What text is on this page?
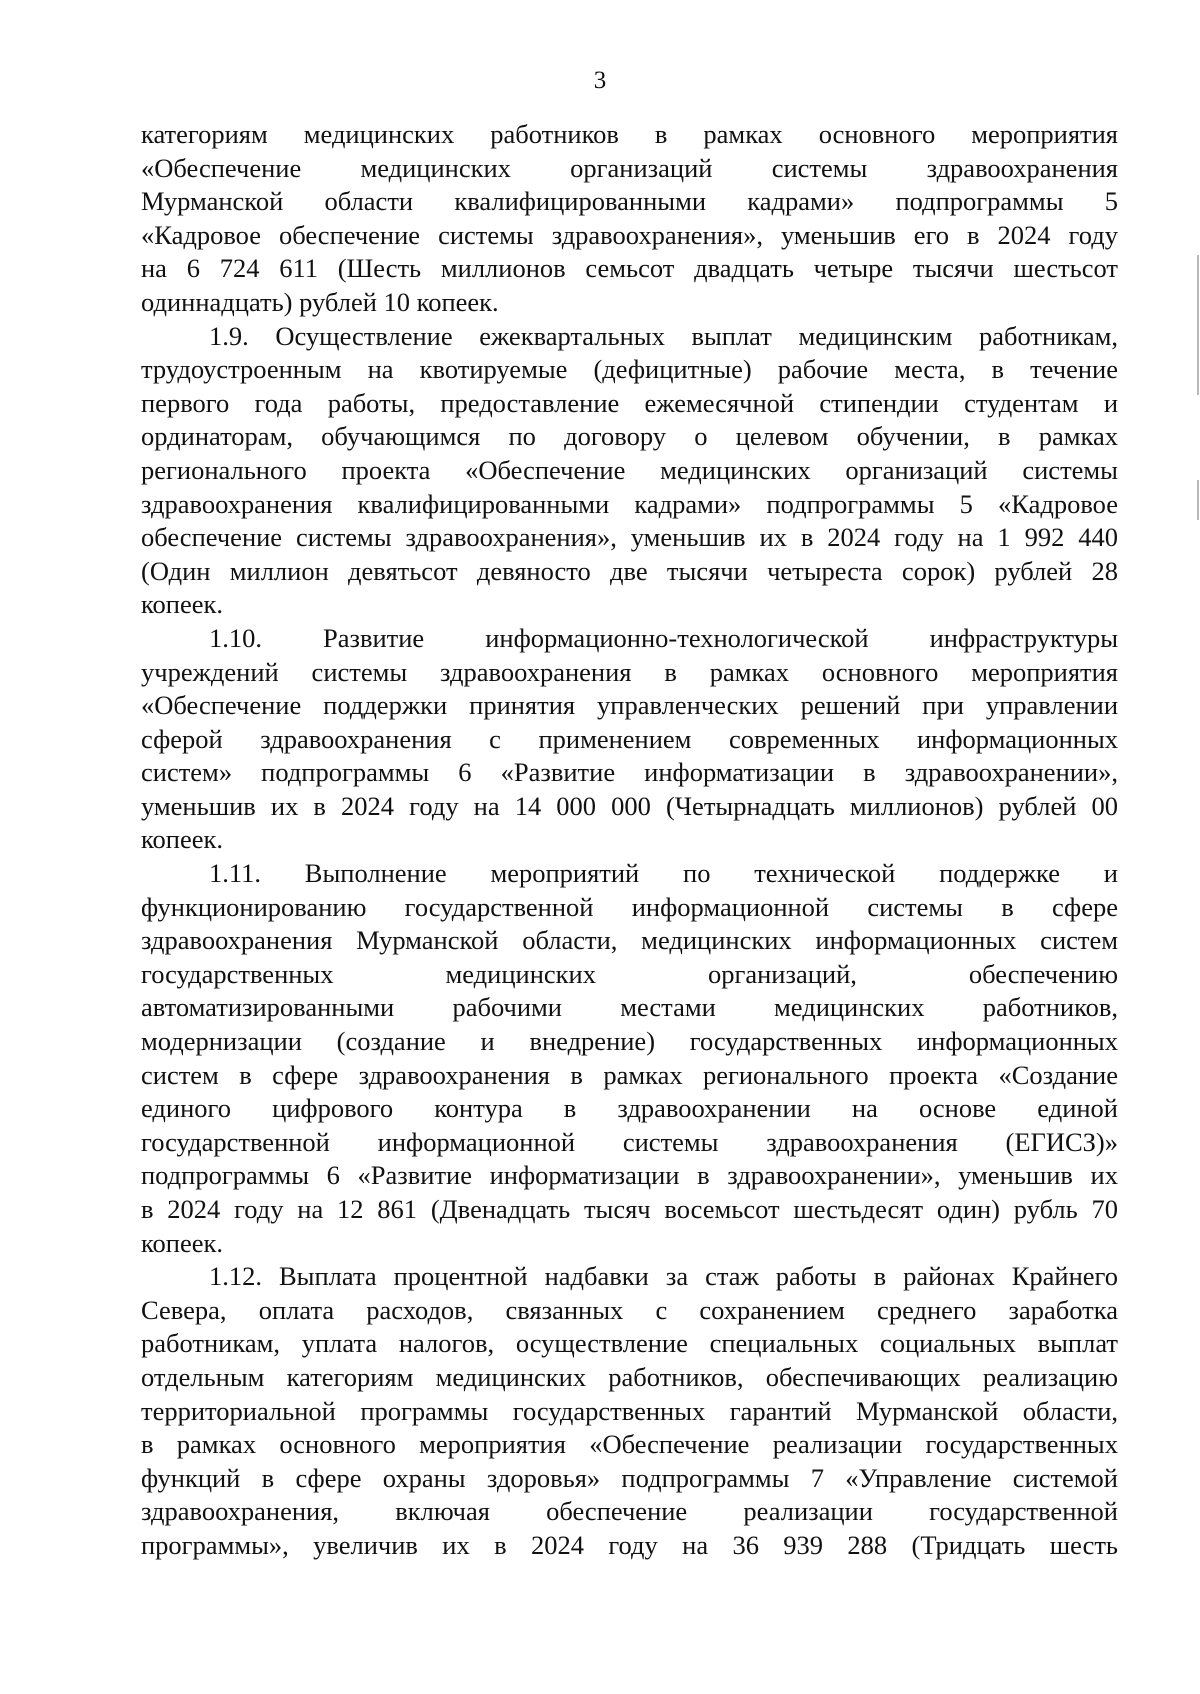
3

категориям медицинских работников в рамках основного мероприятия
«Обеспечение медицинских организаций системы здравоохранения
Мурманской области квалифицированными кадрами» подпрограммы 5
«Кадровое обеспечение системы здравоохранения», уменьшив его в 2024 году
на 6 724 611 (Шесть миллионов семьсот двадцать четыре тысячи шестьсот
одиннадцать) рублей 10 копеек.

1.9. Осуществление ежеквартальных выплат медицинским работникам,
трудоустроенным на квотируемые (дефицитные) рабочие места, в течение
первого года работы, предоставление ежемесячной стипендии студентам и
ординаторам, обучающимся по договору о целевом обучении, в рамках
регионального проекта «Обеспечение медицинских организаций системы
здравоохранения квалифицированными кадрами» подпрограммы 5 «Кадровое
обеспечение системы здравоохранения», уменьшив их в 2024 году на 1 992 440
(Один миллион девятьсот девяносто две тысячи четыреста сорок) рублей 28
копеек.

1.10. Развитие информационно-технологической инфраструктуры
учреждений системы здравоохранения в рамках основного мероприятия
«Обеспечение поддержки принятия управленческих решений при управлении
сферой здравоохранения с применением современных информационных
систем» подпрограммы 6 «Развитие информатизации в здравоохранении»,
уменьшив их в 2024 году на 14 000 000 (Четырнадцать миллионов) рублей 00
копеек.

1.11. Выполнение мероприятий по технической поддержке и
функционированию государственной информационной системы в сфере
здравоохранения Мурманской области, медицинских информационных систем
государственных медицинских организаций, обеспечению
автоматизированными рабочими местами медицинских работников,
модернизации (создание и внедрение) государственных информационных
систем в сфере здравоохранения в рамках регионального проекта «Создание
единого цифрового контура в здравоохранении на основе единой
государственной информационной системы здравоохранения (ЕГИСЗ)»
подпрограммы 6 «Развитие информатизации в здравоохранении», уменьшив их
в 2024 году на 12 861 (Двенадцать тысяч восемьсот шестьдесят один) рубль 70
копеек.

1.12. Выплата процентной надбавки за стаж работы в районах Крайнего
Севера, оплата расходов, связанных с сохранением среднего заработка
работникам, уплата налогов, осуществление специальных социальных выплат
отдельным категориям медицинских работников, обеспечивающих реализацию
территориальной программы государственных гарантий Мурманской области,
в рамках основного мероприятия «Обеспечение реализации государственных
функций в сфере охраны здоровья» подпрограммы 7 «Управление системой
здравоохранения, включая обеспечение реализации государственной
программы», увеличив их в 2024 году на 36 939 288 (Тридцать шесть
